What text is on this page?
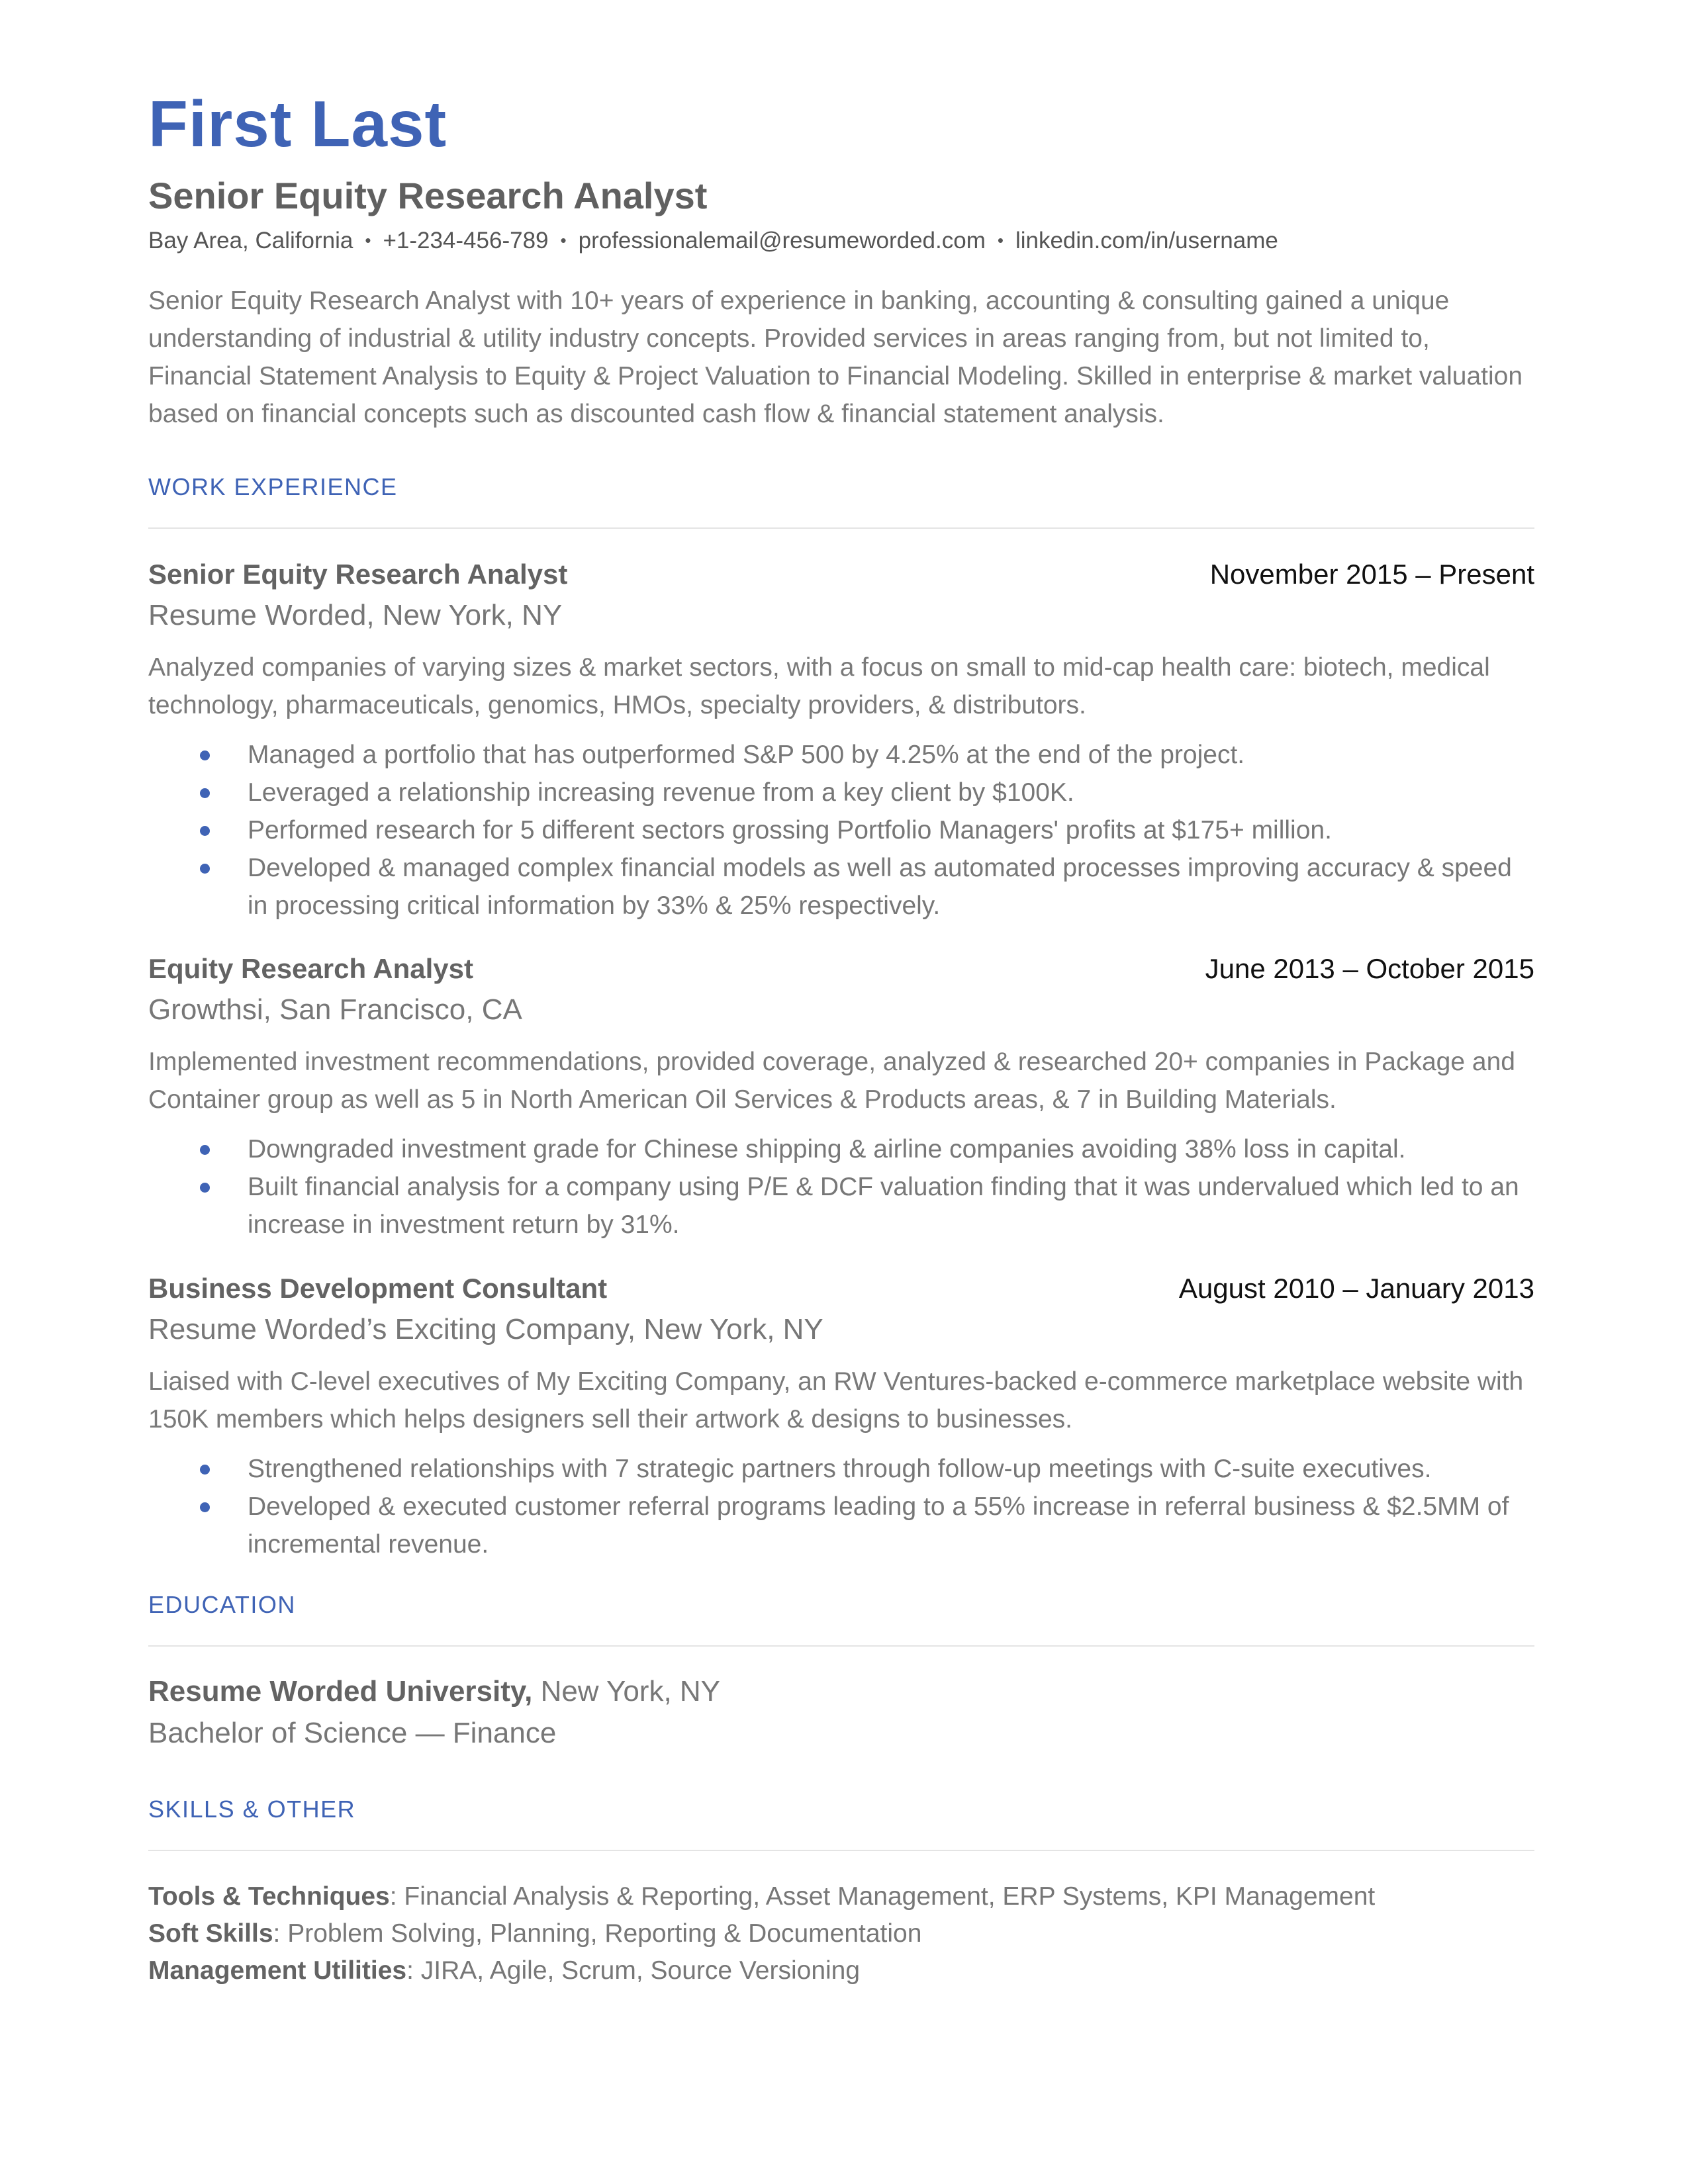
First Last
Senior Equity Research Analyst
Bay Area, California • +1-234-456-789 • professionalemail@resumeworded.com • linkedin.com/in/username

Senior Equity Research Analyst with 10+ years of experience in banking, accounting & consulting gained a unique understanding of industrial & utility industry concepts. Provided services in areas ranging from, but not limited to, Financial Statement Analysis to Equity & Project Valuation to Financial Modeling. Skilled in enterprise & market valuation based on financial concepts such as discounted cash flow & financial statement analysis.

WORK EXPERIENCE
Senior Equity Research Analyst	November 2015 – Present
Resume Worded, New York, NY

Analyzed companies of varying sizes & market sectors, with a focus on small to mid-cap health care: biotech, medical technology, pharmaceuticals, genomics, HMOs, specialty providers, & distributors.

Managed a portfolio that has outperformed S&P 500 by 4.25% at the end of the project.
Leveraged a relationship increasing revenue from a key client by $100K.
Performed research for 5 different sectors grossing Portfolio Managers' profits at $175+ million.
Developed & managed complex financial models as well as automated processes improving accuracy & speed in processing critical information by 33% & 25% respectively.
Equity Research Analyst	June 2013 – October 2015
Growthsi, San Francisco, CA

Implemented investment recommendations, provided coverage, analyzed & researched 20+ companies in Package and Container group as well as 5 in North American Oil Services & Products areas, & 7 in Building Materials.

Downgraded investment grade for Chinese shipping & airline companies avoiding 38% loss in capital.
Built financial analysis for a company using P/E & DCF valuation finding that it was undervalued which led to an increase in investment return by 31%.
Business Development Consultant	August 2010 – January 2013
Resume Worded’s Exciting Company, New York, NY

Liaised with C-level executives of My Exciting Company, an RW Ventures-backed e-commerce marketplace website with 150K members which helps designers sell their artwork & designs to businesses.

Strengthened relationships with 7 strategic partners through follow-up meetings with C-suite executives.
Developed & executed customer referral programs leading to a 55% increase in referral business & $2.5MM of incremental revenue.
EDUCATION
Resume Worded University, New York, NY
Bachelor of Science — Finance
SKILLS & OTHER
Tools & Techniques: Financial Analysis & Reporting, Asset Management, ERP Systems, KPI Management
Soft Skills: Problem Solving, Planning, Reporting & Documentation
Management Utilities: JIRA, Agile, Scrum, Source Versioning
